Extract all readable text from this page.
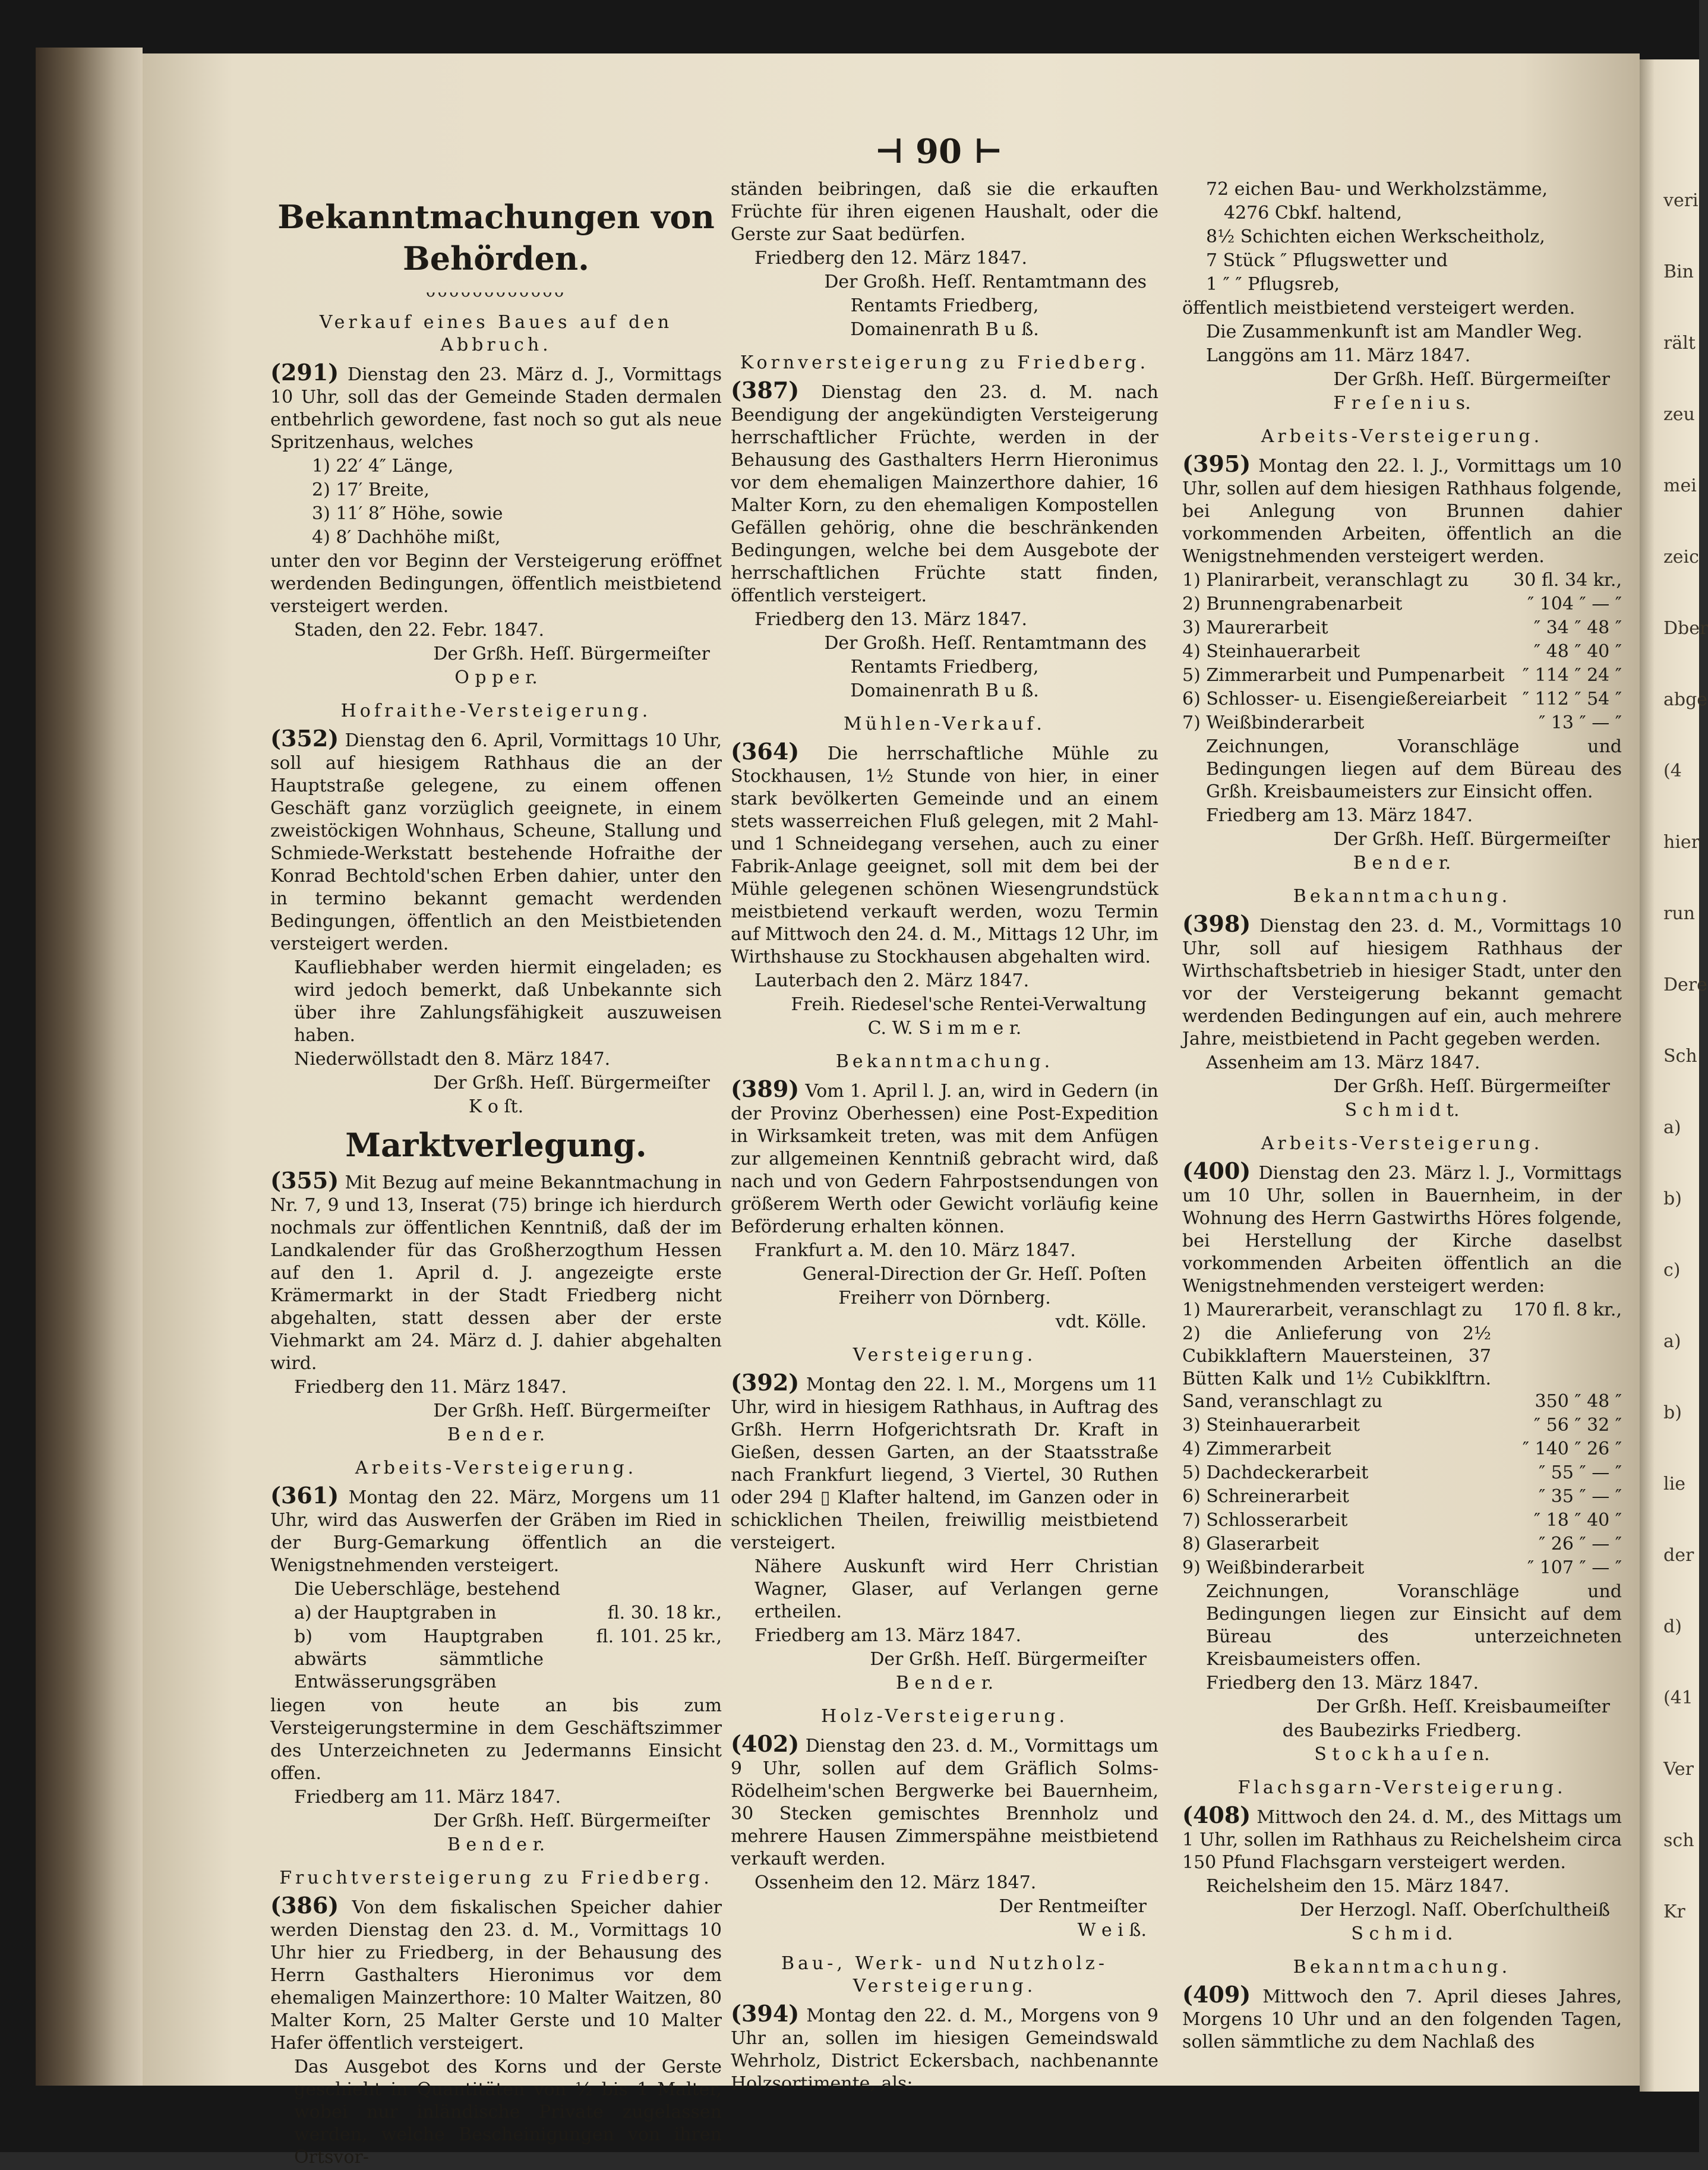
veri
Bin
rält
zeu
mei
zeic
Dber
abge
(4
hier
run
Dere
Sch
a)
b)
c)
a)
b)
lie
der
d)
(41
Ver
sch
Kr
⊣ 90 ⊢
Bekanntmachungen von Behörden.
ᴗᴗᴗᴗᴗᴗᴗᴗᴗᴗᴗᴗ
Verkauf eines Baues auf den Abbruch.

(291) Dienstag den 23. März d. J., Vormittags 10 Uhr, soll das der Gemeinde Staden dermalen entbehrlich gewordene, fast noch so gut als neue Spritzenhaus, welches

1) 22′ 4″ Länge,

2) 17′ Breite,

3) 11′ 8″ Höhe, sowie

4) 8′ Dachhöhe mißt,

unter den vor Beginn der Versteigerung eröffnet werdenden Bedingungen, öffentlich meistbietend versteigert werden.

Staden, den 22. Febr. 1847.

Der Grßh. Heſſ. Bürgermeiſter

O p p e r.

Hofraithe-Versteigerung.

(352) Dienstag den 6. April, Vormittags 10 Uhr, soll auf hiesigem Rathhaus die an der Hauptstraße gelegene, zu einem offenen Geschäft ganz vorzüglich geeignete, in einem zweistöckigen Wohnhaus, Scheune, Stallung und Schmiede-Werkstatt bestehende Hofraithe der Konrad Bechtold'schen Erben dahier, unter den in termino bekannt gemacht werdenden Bedingungen, öffentlich an den Meistbietenden versteigert werden.

Kaufliebhaber werden hiermit eingeladen; es wird jedoch bemerkt, daß Unbekannte sich über ihre Zahlungsfähigkeit auszuweisen haben.

Niederwöllstadt den 8. März 1847.

Der Grßh. Heſſ. Bürgermeiſter

K o ſt.

Marktverlegung.

(355) Mit Bezug auf meine Bekanntmachung in Nr. 7, 9 und 13, Inserat (75) bringe ich hierdurch nochmals zur öffentlichen Kenntniß, daß der im Landkalender für das Großherzogthum Hessen auf den 1. April d. J. angezeigte erste Krämermarkt in der Stadt Friedberg nicht abgehalten, statt dessen aber der erste Viehmarkt am 24. März d. J. dahier abgehalten wird.

Friedberg den 11. März 1847.

Der Grßh. Heſſ. Bürgermeiſter

B e n d e r.

Arbeits-Versteigerung.

(361) Montag den 22. März, Morgens um 11 Uhr, wird das Auswerfen der Gräben im Ried in der Burg-Gemarkung öffentlich an die Wenigstnehmenden versteigert.

Die Ueberschläge, bestehend

a) der Hauptgraben in	fl. 30. 18 kr.,

b) vom Hauptgraben abwärts sämmtliche Entwässerungsgräben
fl. 101. 25 kr.,

liegen von heute an bis zum Versteigerungstermine in dem Geschäftszimmer des Unterzeichneten zu Jedermanns Einsicht offen.

Friedberg am 11. März 1847.

Der Grßh. Heſſ. Bürgermeiſter

B e n d e r.

Fruchtversteigerung zu Friedberg.

(386) Von dem fiskalischen Speicher dahier werden Dienstag den 23. d. M., Vormittags 10 Uhr hier zu Friedberg, in der Behausung des Herrn Gasthalters Hieronimus vor dem ehemaligen Mainzerthore: 10 Malter Waitzen, 80 Malter Korn, 25 Malter Gerste und 10 Malter Hafer öffentlich versteigert.

Das Ausgebot des Korns und der Gerste geschieht in Quantitäten von ½ bis 1 Malter, wobei nur inländische Private zugelassen werden, welche Bescheinigungen von ihren Ortsvor-

ständen beibringen, daß sie die erkauften Früchte für ihren eigenen Haushalt, oder die Gerste zur Saat bedürfen.

Friedberg den 12. März 1847.

Der Großh. Heſſ. Rentamtmann des

Rentamts Friedberg,

Domainenrath B u ß.

Kornversteigerung zu Friedberg.

(387) Dienstag den 23. d. M. nach Beendigung der angekündigten Versteigerung herrschaftlicher Früchte, werden in der Behausung des Gasthalters Herrn Hieronimus vor dem ehemaligen Mainzerthore dahier, 16 Malter Korn, zu den ehemaligen Kompostellen Gefällen gehörig, ohne die beschränkenden Bedingungen, welche bei dem Ausgebote der herrschaftlichen Früchte statt finden, öffentlich versteigert.

Friedberg den 13. März 1847.

Der Großh. Heſſ. Rentamtmann des

Rentamts Friedberg,

Domainenrath B u ß.

Mühlen-Verkauf.

(364) Die herrschaftliche Mühle zu Stockhausen, 1½ Stunde von hier, in einer stark bevölkerten Gemeinde und an einem stets wasserreichen Fluß gelegen, mit 2 Mahl- und 1 Schneidegang versehen, auch zu einer Fabrik-Anlage geeignet, soll mit dem bei der Mühle gelegenen schönen Wiesengrundstück meistbietend verkauft werden, wozu Termin auf Mittwoch den 24. d. M., Mittags 12 Uhr, im Wirthshause zu Stockhausen abgehalten wird.

Lauterbach den 2. März 1847.

Freih. Riedesel'sche Rentei-Verwaltung

C. W. S i m m e r.

Bekanntmachung.

(389) Vom 1. April l. J. an, wird in Gedern (in der Provinz Oberhessen) eine Post-Expedition in Wirksamkeit treten, was mit dem Anfügen zur allgemeinen Kenntniß gebracht wird, daß nach und von Gedern Fahrpostsendungen von größerem Werth oder Gewicht vorläufig keine Beförderung erhalten können.

Frankfurt a. M. den 10. März 1847.

General-Direction der Gr. Heſſ. Poſten

Freiherr von Dörnberg.

vdt. Kölle.

Versteigerung.

(392) Montag den 22. l. M., Morgens um 11 Uhr, wird in hiesigem Rathhaus, in Auftrag des Grßh. Herrn Hofgerichtsrath Dr. Kraft in Gießen, dessen Garten, an der Staatsstraße nach Frankfurt liegend, 3 Viertel, 30 Ruthen oder 294 ▯ Klafter haltend, im Ganzen oder in schicklichen Theilen, freiwillig meistbietend versteigert.

Nähere Auskunft wird Herr Christian Wagner, Glaser, auf Verlangen gerne ertheilen.

Friedberg am 13. März 1847.

Der Grßh. Heſſ. Bürgermeiſter

B e n d e r.

Holz-Versteigerung.

(402) Dienstag den 23. d. M., Vormittags um 9 Uhr, sollen auf dem Gräflich Solms-Rödelheim'schen Bergwerke bei Bauernheim, 30 Stecken gemischtes Brennholz und mehrere Hausen Zimmerspähne meistbietend verkauft werden.

Ossenheim den 12. März 1847.

Der Rentmeiſter

W e i ß.

Bau-, Werk- und Nutzholz-Versteigerung.

(394) Montag den 22. d. M., Morgens von 9 Uhr an, sollen im hiesigen Gemeindswald Wehrholz, District Eckersbach, nachbenannte Holzsortimente, als:

72 eichen Bau- und Werkholzstämme,

4276 Cbkf. haltend,

8½ Schichten eichen Werkscheitholz,

7 Stück ″ Pflugswetter und

1 ″ ″ Pflugsreb,

öffentlich meistbietend versteigert werden.

Die Zusammenkunft ist am Mandler Weg.

Langgöns am 11. März 1847.

Der Grßh. Heſſ. Bürgermeiſter

F r e ſ e n i u s.

Arbeits-Versteigerung.

(395) Montag den 22. l. J., Vormittags um 10 Uhr, sollen auf dem hiesigen Rathhaus folgende, bei Anlegung von Brunnen dahier vorkommenden Arbeiten, öffentlich an die Wenigstnehmenden versteigert werden.

1) Planirarbeit, veranschlagt zu 30 fl. 34 kr.,

2) Brunnengrabenarbeit	″ 104 ″ — ″

3) Maurerarbeit	″ 34 ″ 48 ″

4) Steinhauerarbeit	″ 48 ″ 40 ″

5) Zimmerarbeit und Pumpenarbeit ″ 114 ″ 24 ″

6) Schlosser- u. Eisengießereiarbeit ″ 112 ″ 54 ″

7) Weißbinderarbeit	″ 13 ″ — ″

Zeichnungen, Voranschläge und Bedingungen liegen auf dem Büreau des Grßh. Kreisbaumeisters zur Einsicht offen.

Friedberg am 13. März 1847.

Der Grßh. Heſſ. Bürgermeiſter

B e n d e r.

Bekanntmachung.

(398) Dienstag den 23. d. M., Vormittags 10 Uhr, soll auf hiesigem Rathhaus der Wirthschaftsbetrieb in hiesiger Stadt, unter den vor der Versteigerung bekannt gemacht werdenden Bedingungen auf ein, auch mehrere Jahre, meistbietend in Pacht gegeben werden.

Assenheim am 13. März 1847.

Der Grßh. Heſſ. Bürgermeiſter

S c h m i d t.

Arbeits-Versteigerung.

(400) Dienstag den 23. März l. J., Vormittags um 10 Uhr, sollen in Bauernheim, in der Wohnung des Herrn Gastwirths Höres folgende, bei Herstellung der Kirche daselbst vorkommenden Arbeiten öffentlich an die Wenigstnehmenden versteigert werden:

1) Maurerarbeit, veranschlagt zu 170 fl. 8 kr.,

2) die Anlieferung von 2½ Cubikklaftern Mauersteinen, 37 Bütten Kalk und 1½ Cubikklftrn. Sand, veranschlagt zu	350 ″ 48 ″

3) Steinhauerarbeit	″ 56 ″ 32 ″

4) Zimmerarbeit	″ 140 ″ 26 ″

5) Dachdeckerarbeit	″ 55 ″ — ″

6) Schreinerarbeit	″ 35 ″ — ″

7) Schlosserarbeit	″ 18 ″ 40 ″

8) Glaserarbeit	″ 26 ″ — ″

9) Weißbinderarbeit	″ 107 ″ — ″

Zeichnungen, Voranschläge und Bedingungen liegen zur Einsicht auf dem Büreau des unterzeichneten Kreisbaumeisters offen.

Friedberg den 13. März 1847.

Der Grßh. Heſſ. Kreisbaumeiſter

des Baubezirks Friedberg.

S t o c k h a u ſ e n.

Flachsgarn-Versteigerung.

(408) Mittwoch den 24. d. M., des Mittags um 1 Uhr, sollen im Rathhaus zu Reichelsheim circa 150 Pfund Flachsgarn versteigert werden.

Reichelsheim den 15. März 1847.

Der Herzogl. Naſſ. Oberſchultheiß

S c h m i d.

Bekanntmachung.

(409) Mittwoch den 7. April dieses Jahres, Morgens 10 Uhr und an den folgenden Tagen, sollen sämmtliche zu dem Nachlaß des
